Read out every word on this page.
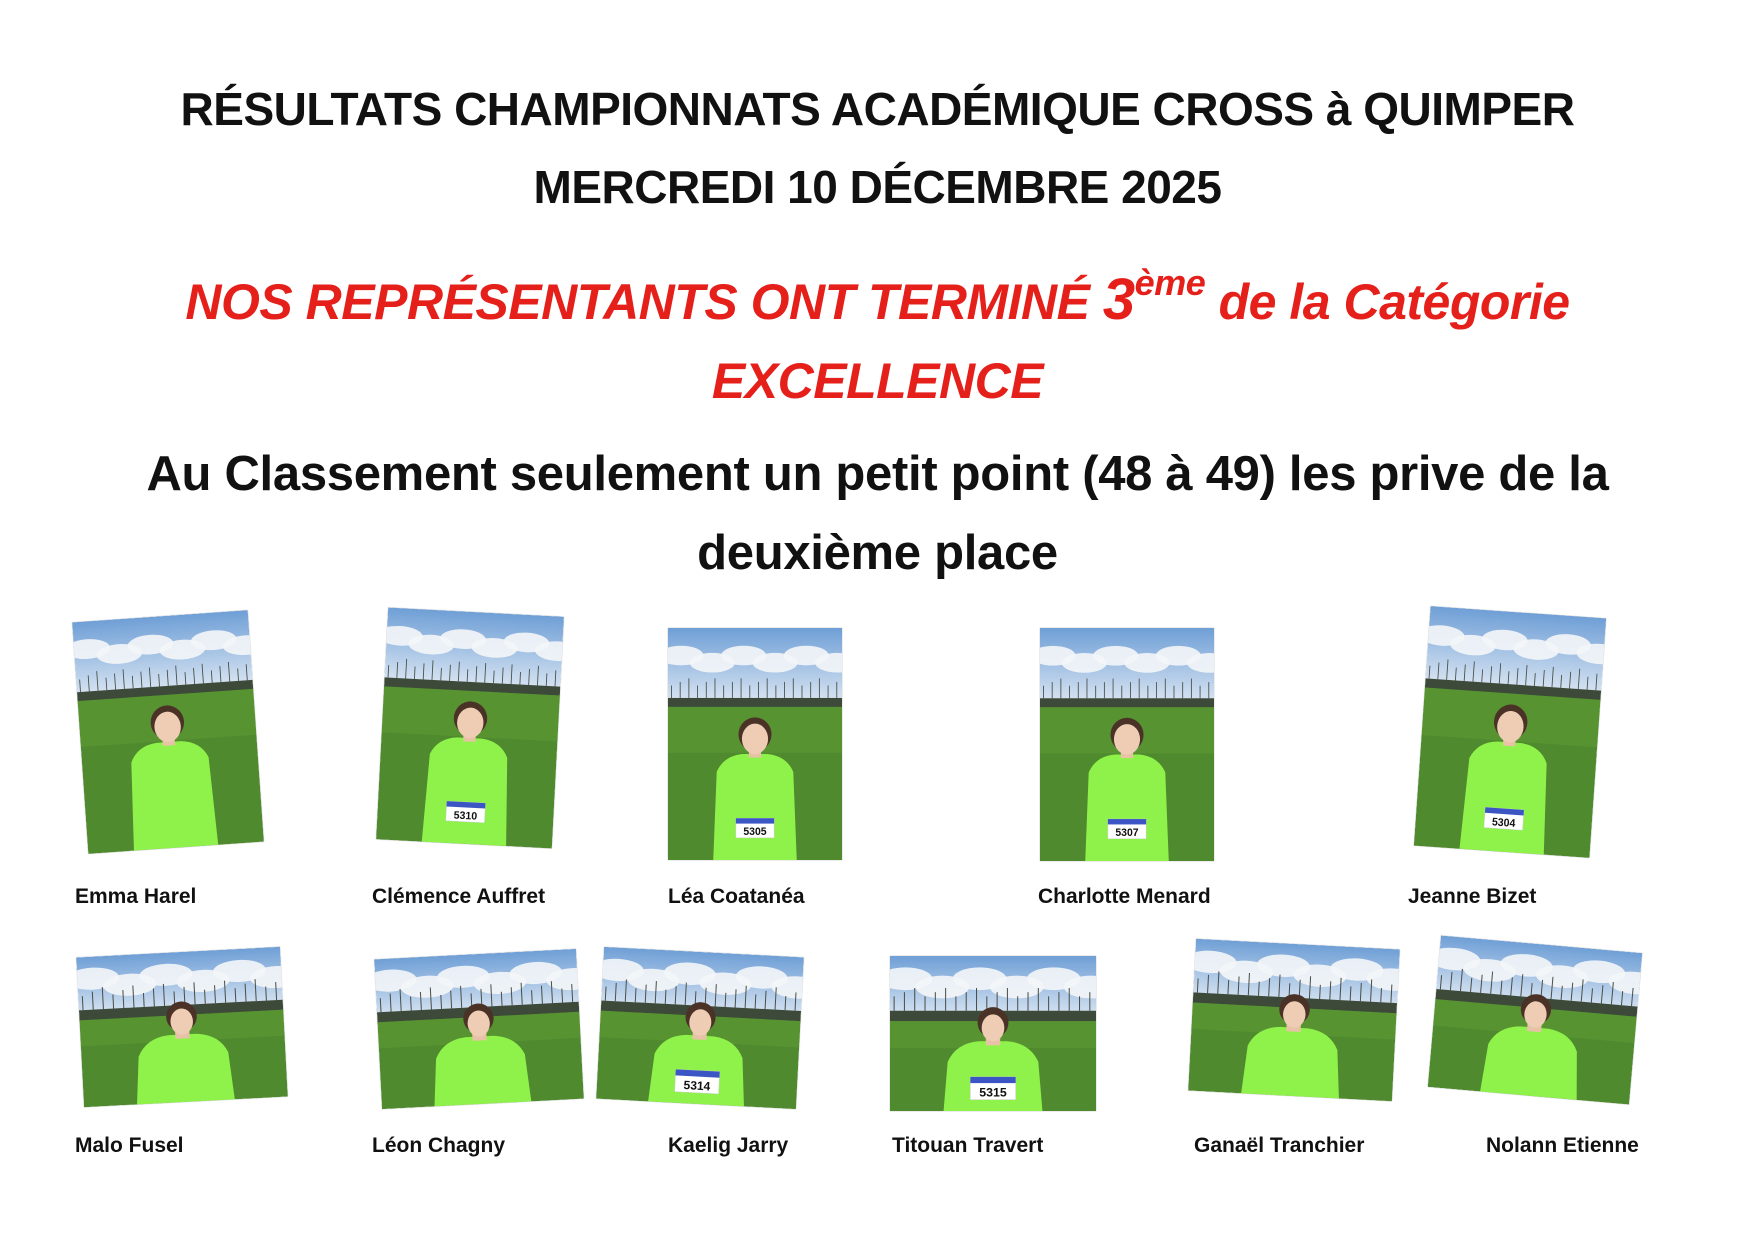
RÉSULTATS CHAMPIONNATS ACADÉMIQUE CROSS à QUIMPER
MERCREDI 10 DÉCEMBRE 2025
NOS REPRÉSENTANTS ONT TERMINÉ 3ème de la Catégorie
EXCELLENCE
Au Classement seulement un petit point (48 à 49) les prive de la
deuxième place
5310
5305	5307
5304
Emma Harel	Clémence Auffret	Léa Coatanéa	Charlotte Menard	Jeanne Bizet
5314	5315
Malo Fusel	Léon Chagny	Kaelig Jarry	Titouan Travert	Ganaël Tranchier	Nolann Etienne
